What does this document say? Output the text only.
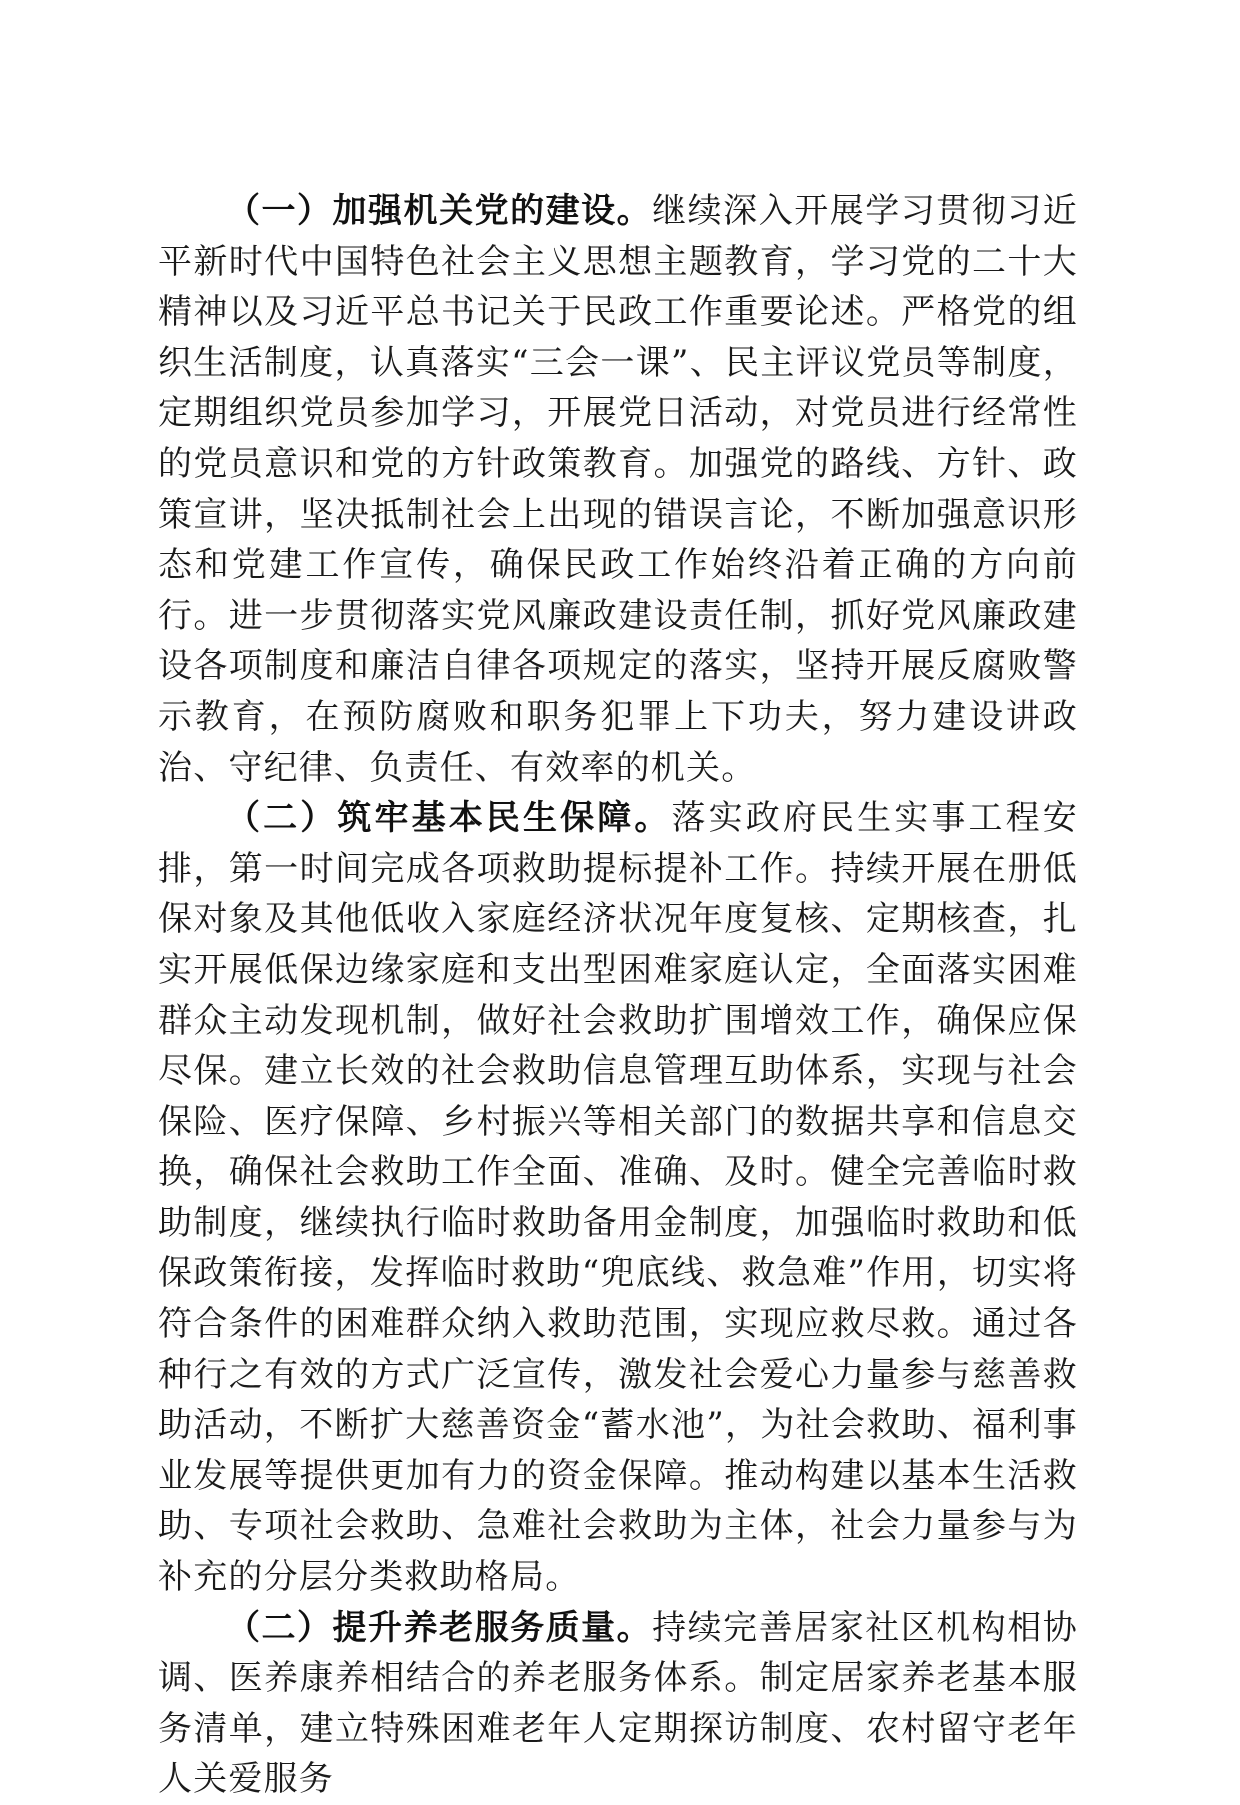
（一）加强机关党的建设。继续深入开展学习贯彻习近平新时代中国特色社会主义思想主题教育，学习党的二十大精神以及习近平总书记关于民政工作重要论述。严格党的组织生活制度，认真落实“三会一课”、民主评议党员等制度，定期组织党员参加学习，开展党日活动，对党员进行经常性的党员意识和党的方针政策教育。加强党的路线、方针、政策宣讲，坚决抵制社会上出现的错误言论，不断加强意识形态和党建工作宣传，确保民政工作始终沿着正确的方向前行。进一步贯彻落实党风廉政建设责任制，抓好党风廉政建设各项制度和廉洁自律各项规定的落实，坚持开展反腐败警示教育，在预防腐败和职务犯罪上下功夫，努力建设讲政治、守纪律、负责任、有效率的机关。

（二）筑牢基本民生保障。落实政府民生实事工程安排，第一时间完成各项救助提标提补工作。持续开展在册低保对象及其他低收入家庭经济状况年度复核、定期核查，扎实开展低保边缘家庭和支出型困难家庭认定，全面落实困难群众主动发现机制，做好社会救助扩围增效工作，确保应保尽保。建立长效的社会救助信息管理互助体系，实现与社会保险、医疗保障、乡村振兴等相关部门的数据共享和信息交换，确保社会救助工作全面、准确、及时。健全完善临时救助制度，继续执行临时救助备用金制度，加强临时救助和低保政策衔接，发挥临时救助“兜底线、救急难”作用，切实将符合条件的困难群众纳入救助范围，实现应救尽救。通过各种行之有效的方式广泛宣传，激发社会爱心力量参与慈善救助活动，不断扩大慈善资金“蓄水池”，为社会救助、福利事业发展等提供更加有力的资金保障。推动构建以基本生活救助、专项社会救助、急难社会救助为主体，社会力量参与为补充的分层分类救助格局。

（二）提升养老服务质量。持续完善居家社区机构相协调、医养康养相结合的养老服务体系。制定居家养老基本服务清单，建立特殊困难老年人定期探访制度、农村留守老年人关爱服务
